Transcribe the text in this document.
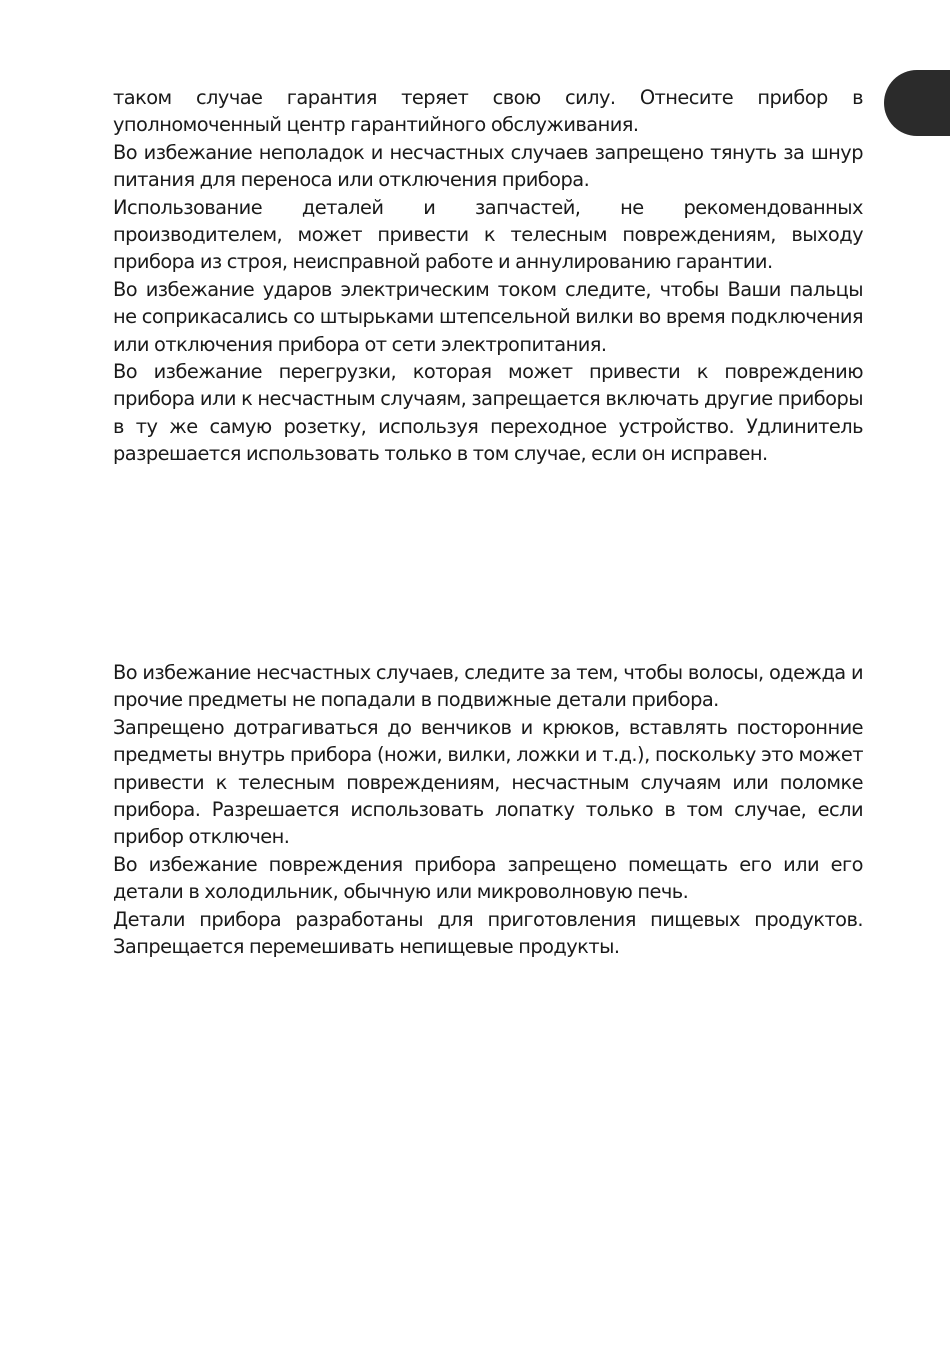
таком случае гарантия теряет свою силу. Отнесите прибор в уполномоченный центр гарантийного обслуживания.

Во избежание неполадок и несчастных случаев запрещено тянуть за шнур питания для переноса или отключения прибора.

Использование деталей и запчастей, не рекомендованных производителем, может привести к телесным повреждениям, выходу прибора из строя, неисправной работе и аннулированию гарантии.

Во избежание ударов электрическим током следите, чтобы Ваши пальцы не соприкасались со штырьками штепсельной вилки во время подключения или отключения прибора от сети электропитания.

Во избежание перегрузки, которая может привести к повреждению прибора или к несчастным случаям, запрещается включать другие приборы в ту же самую розетку, используя переходное устройство. Удлинитель разрешается использовать только в том случае, если он исправен.

Во избежание несчастных случаев, следите за тем, чтобы волосы, одежда и прочие предметы не попадали в подвижные детали прибора.

Запрещено дотрагиваться до венчиков и крюков, вставлять посторонние предметы внутрь прибора (ножи, вилки, ложки и т.д.), поскольку это может привести к телесным повреждениям, несчастным случаям или поломке прибора. Разрешается использовать лопатку только в том случае, если прибор отключен.

Во избежание повреждения прибора запрещено помещать его или его детали в холодильник, обычную или микроволновую печь.

Детали прибора разработаны для приготовления пищевых продуктов. Запрещается перемешивать непищевые продукты.
